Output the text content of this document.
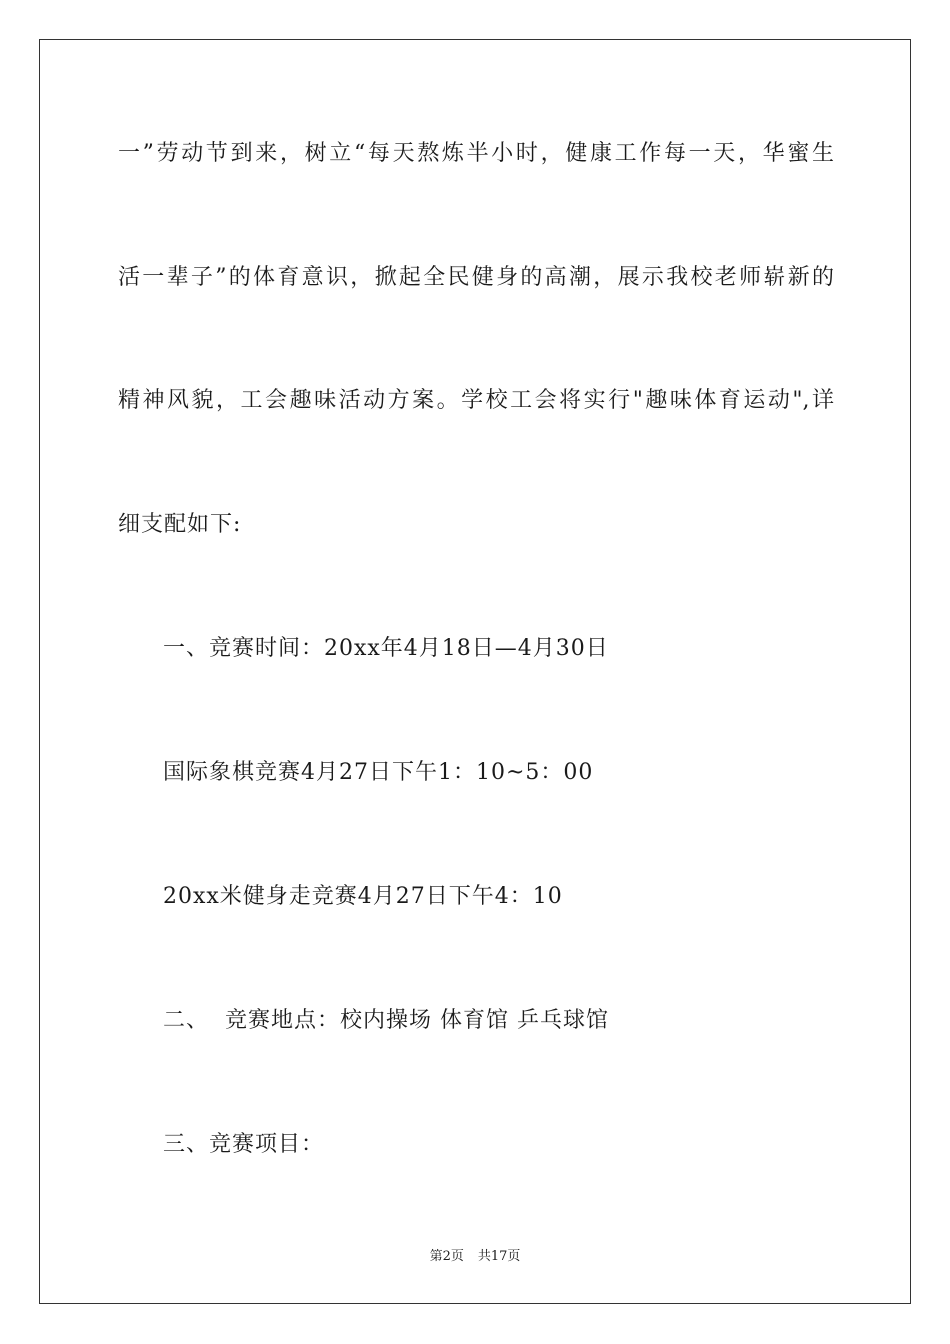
一”劳动节到来，树立“每天熬炼半小时，健康工作每一天，华蜜生
活一辈子”的体育意识，掀起全民健身的高潮，展示我校老师崭新的
精神风貌，工会趣味活动方案。学校工会将实行"趣味体育运动",详
细支配如下:
一、竞赛时间：20xx年4月18日—4月30日
国际象棋竞赛4月27日下午1：10~5：00
20xx米健身走竞赛4月27日下午4：10
二、  竞赛地点：校内操场 体育馆 乒乓球馆
三、竞赛项目：
第2页 共17页
